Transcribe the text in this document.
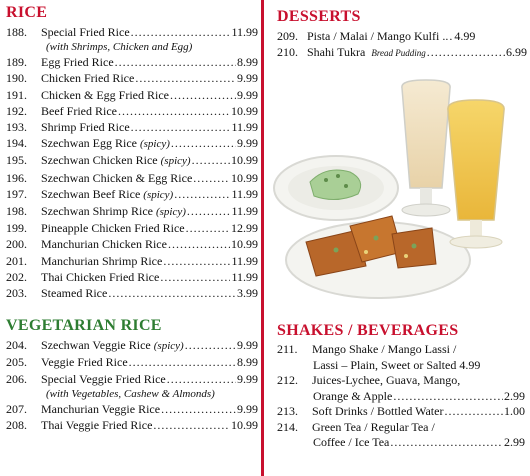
RICE
188.	Special Fried Rice .....	11.99
(with Shrimps, Chicken and Egg)
189.	Egg Fried Rice .....	8.99
190.	Chicken Fried Rice .....	9.99
191.	Chicken & Egg Fried Rice .....	9.99
192.	Beef Fried Rice .....	10.99
193.	Shrimp Fried Rice .....	11.99
194.	Szechwan Egg Rice
(spicy) .....	9.99
195.	Szechwan Chicken Rice
(spicy) .....	10.99
196.	Szechwan Chicken & Egg Rice .....	10.99
197.	Szechwan Beef Rice
(spicy) .....	11.99
198.	Szechwan Shrimp Rice
(spicy) .....	11.99
199.	Pineapple Chicken Fried Rice .....	12.99
200.	Manchurian Chicken Rice .....	10.99
201.	Manchurian Shrimp Rice .....	11.99
202.	Thai Chicken Fried Rice .....	11.99
203.	Steamed Rice .....	3.99
VEGETARIAN RICE
204.	Szechwan Veggie Rice
(spicy) .....	9.99
205.	Veggie Fried Rice .....	8.99
206.	Special Veggie Fried Rice .....	9.99
(with Vegetables, Cashew & Almonds)
207.	Manchurian Veggie Rice .....	9.99
208.	Thai Veggie Fried Rice .....	10.99
DESSERTS
209. Pista / Malai / Mango Kulfi .. ..... 4.99
210. Shahi Tukra
Bread Pudding .....	6.99
SHAKES / BEVERAGES
211.	Mango Shake / Mango Lassi /
Lassi – Plain, Sweet or Salted
4.99
212.	Juices-Lychee, Guava, Mango,
Orange & Apple .....	2.99
213.	Soft Drinks / Bottled Water .....	1.00
214.	Green Tea / Regular Tea /
Coffee / Ice Tea .....	2.99
